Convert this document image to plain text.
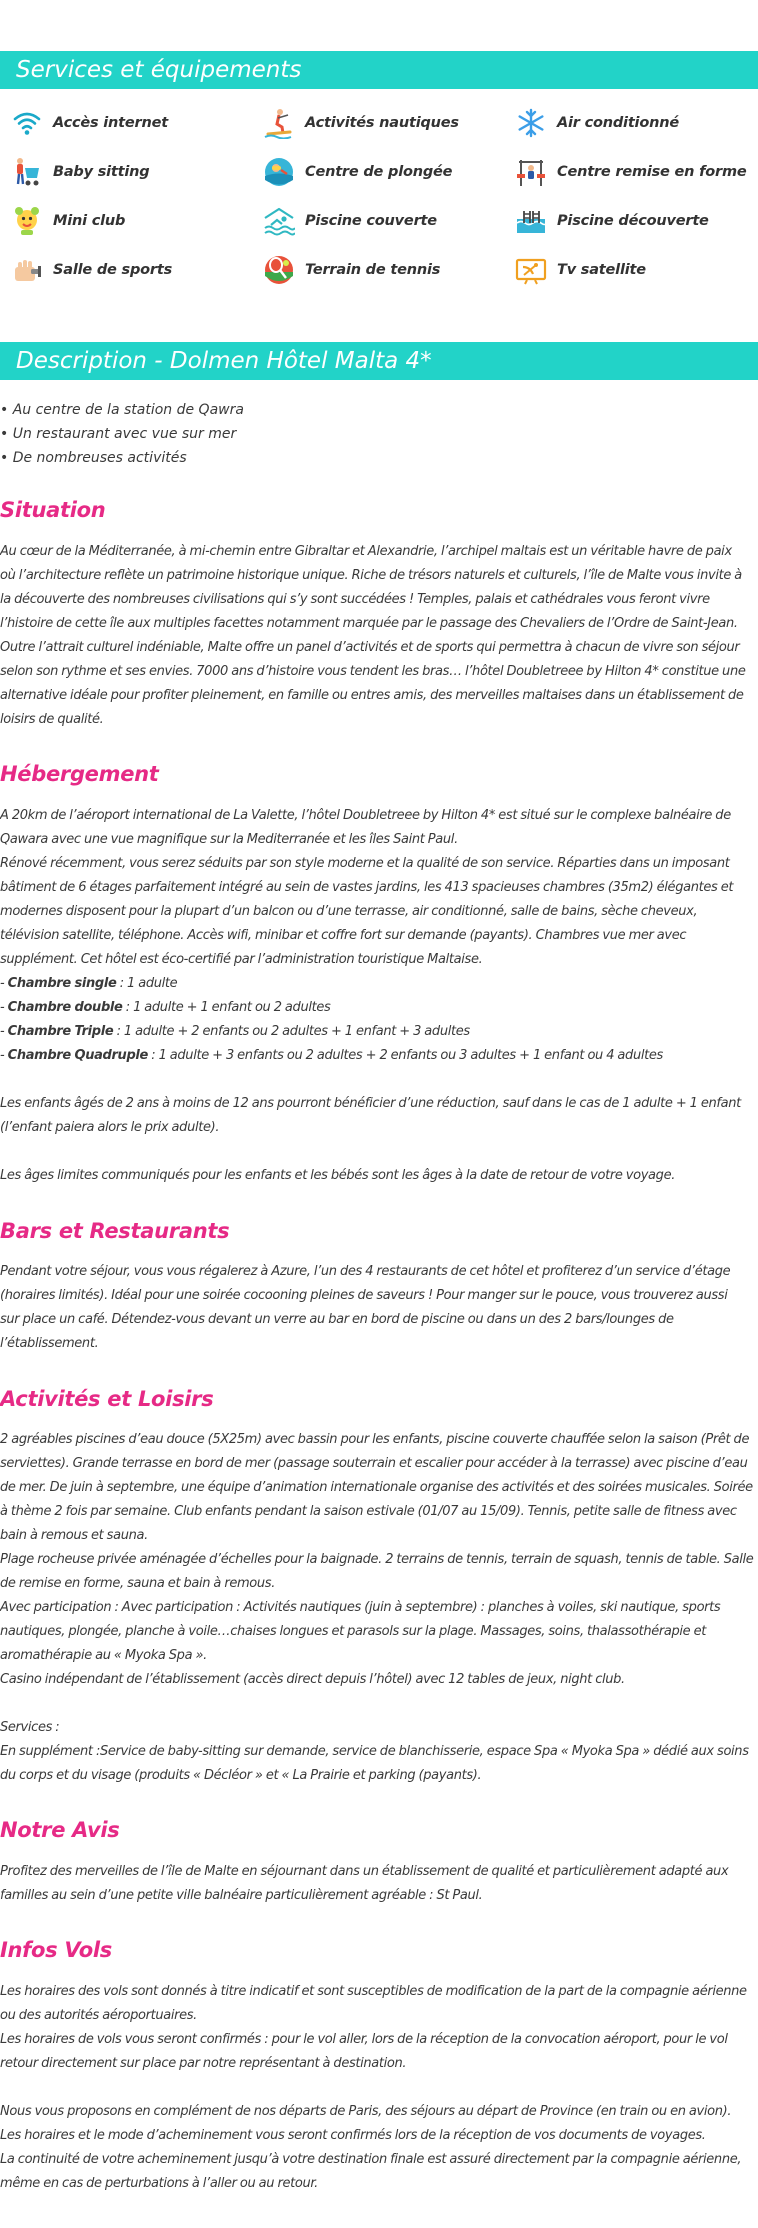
Services et équipements
Accès internet	Activités nautiques	Air conditionné
Baby sitting	Centre de plongée	Centre remise en forme
Mini club	Piscine couverte	Piscine découverte
Salle de sports	Terrain de tennis	Tv satellite
Description - Dolmen Hôtel Malta 4*
• Au centre de la station de Qawra
• Un restaurant avec vue sur mer
• De nombreuses activités
Situation
Au cœur de la Méditerranée, à mi-chemin entre Gibraltar et Alexandrie, l’archipel maltais est un véritable havre de paix
où l’architecture reflète un patrimoine historique unique. Riche de trésors naturels et culturels, l’île de Malte vous invite à
la découverte des nombreuses civilisations qui s’y sont succédées ! Temples, palais et cathédrales vous feront vivre
l’histoire de cette île aux multiples facettes notamment marquée par le passage des Chevaliers de l’Ordre de Saint-Jean.
Outre l’attrait culturel indéniable, Malte offre un panel d’activités et de sports qui permettra à chacun de vivre son séjour
selon son rythme et ses envies. 7000 ans d’histoire vous tendent les bras… l’hôtel Doubletreee by Hilton 4* constitue une
alternative idéale pour profiter pleinement, en famille ou entres amis, des merveilles maltaises dans un établissement de
loisirs de qualité.
Hébergement
A 20km de l’aéroport international de La Valette, l’hôtel Doubletreee by Hilton 4* est situé sur le complexe balnéaire de
Qawara avec une vue magnifique sur la Mediterranée et les îles Saint Paul.
Rénové récemment, vous serez séduits par son style moderne et la qualité de son service. Réparties dans un imposant
bâtiment de 6 étages parfaitement intégré au sein de vastes jardins, les 413 spacieuses chambres (35m2) élégantes et
modernes disposent pour la plupart d’un balcon ou d’une terrasse, air conditionné, salle de bains, sèche cheveux,
télévision satellite, téléphone. Accès wifi, minibar et coffre fort sur demande (payants). Chambres vue mer avec
supplément. Cet hôtel est éco-certifié par l’administration touristique Maltaise.
- Chambre single : 1 adulte
- Chambre double : 1 adulte + 1 enfant ou 2 adultes
- Chambre Triple : 1 adulte + 2 enfants ou 2 adultes + 1 enfant + 3 adultes
- Chambre Quadruple : 1 adulte + 3 enfants ou 2 adultes + 2 enfants ou 3 adultes + 1 enfant ou 4 adultes
Les enfants âgés de 2 ans à moins de 12 ans pourront bénéficier d’une réduction, sauf dans le cas de 1 adulte + 1 enfant
(l’enfant paiera alors le prix adulte).
Les âges limites communiqués pour les enfants et les bébés sont les âges à la date de retour de votre voyage.
Bars et Restaurants
Pendant votre séjour, vous vous régalerez à Azure, l’un des 4 restaurants de cet hôtel et profiterez d’un service d’étage
(horaires limités). Idéal pour une soirée cocooning pleines de saveurs ! Pour manger sur le pouce, vous trouverez aussi
sur place un café. Détendez-vous devant un verre au bar en bord de piscine ou dans un des 2 bars/lounges de
l’établissement.
Activités et Loisirs
2 agréables piscines d’eau douce (5X25m) avec bassin pour les enfants, piscine couverte chauffée selon la saison (Prêt de
serviettes). Grande terrasse en bord de mer (passage souterrain et escalier pour accéder à la terrasse) avec piscine d’eau
de mer. De juin à septembre, une équipe d’animation internationale organise des activités et des soirées musicales. Soirée
à thème 2 fois par semaine. Club enfants pendant la saison estivale (01/07 au 15/09). Tennis, petite salle de fitness avec
bain à remous et sauna.
Plage rocheuse privée aménagée d’échelles pour la baignade. 2 terrains de tennis, terrain de squash, tennis de table. Salle
de remise en forme, sauna et bain à remous.
Avec participation : Avec participation : Activités nautiques (juin à septembre) : planches à voiles, ski nautique, sports
nautiques, plongée, planche à voile…chaises longues et parasols sur la plage. Massages, soins, thalassothérapie et
aromathérapie au « Myoka Spa ».
Casino indépendant de l’établissement (accès direct depuis l’hôtel) avec 12 tables de jeux, night club.
Services :
En supplément :Service de baby-sitting sur demande, service de blanchisserie, espace Spa « Myoka Spa » dédié aux soins
du corps et du visage (produits « Décléor » et « La Prairie et parking (payants).
Notre Avis
Profitez des merveilles de l’île de Malte en séjournant dans un établissement de qualité et particulièrement adapté aux
familles au sein d’une petite ville balnéaire particulièrement agréable : St Paul.
Infos Vols
Les horaires des vols sont donnés à titre indicatif et sont susceptibles de modification de la part de la compagnie aérienne
ou des autorités aéroportuaires.
Les horaires de vols vous seront confirmés : pour le vol aller, lors de la réception de la convocation aéroport, pour le vol
retour directement sur place par notre représentant à destination.
Nous vous proposons en complément de nos départs de Paris, des séjours au départ de Province (en train ou en avion).
Les horaires et le mode d’acheminement vous seront confirmés lors de la réception de vos documents de voyages.
La continuité de votre acheminement jusqu’à votre destination finale est assuré directement par la compagnie aérienne,
même en cas de perturbations à l’aller ou au retour.
